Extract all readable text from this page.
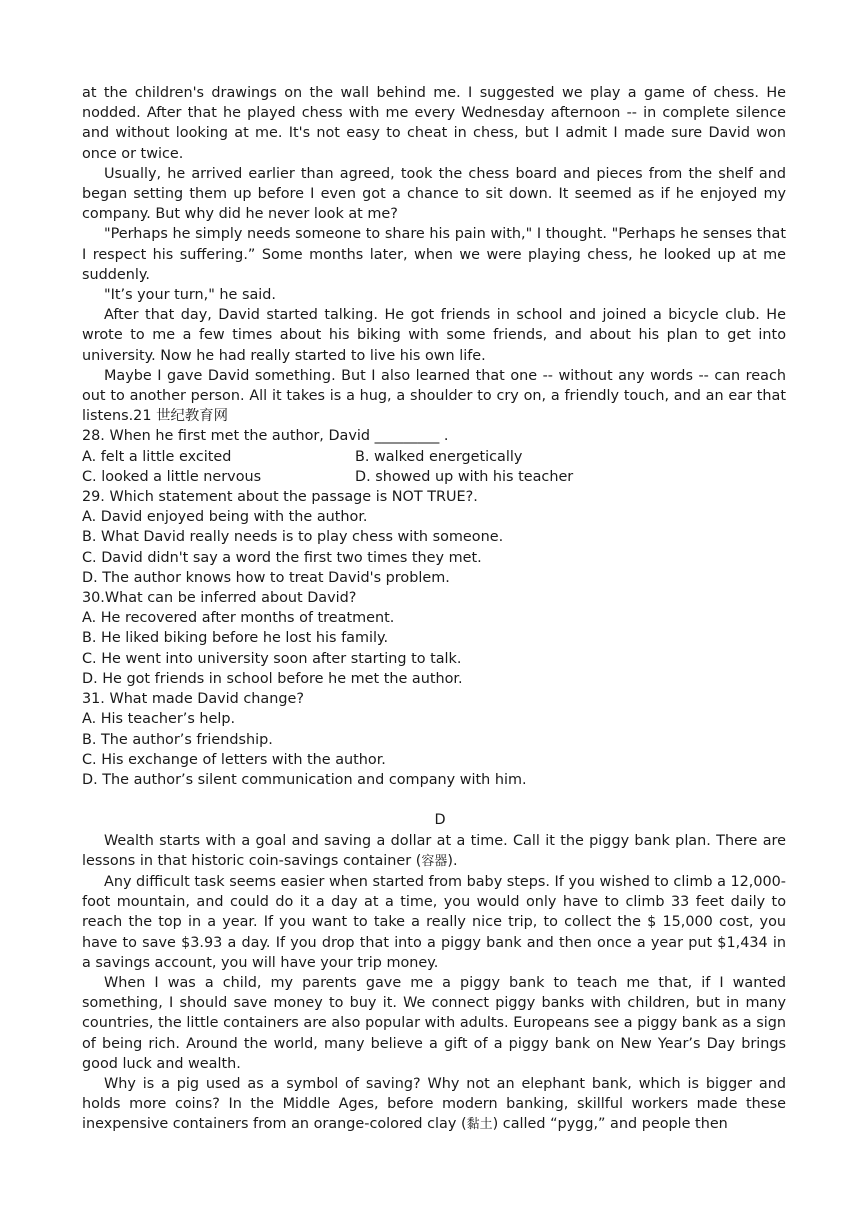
at the children's drawings on the wall behind me. I suggested we play a game of chess. He nodded. After that he played chess with me every Wednesday afternoon -- in complete silence and without looking at me. It's not easy to cheat in chess, but I admit I made sure David won once or twice.

Usually, he arrived earlier than agreed, took the chess board and pieces from the shelf and began setting them up before I even got a chance to sit down. It seemed as if he enjoyed my company. But why did he never look at me?

"Perhaps he simply needs someone to share his pain with," I thought. "Perhaps he senses that I respect his suffering.” Some months later, when we were playing chess, he looked up at me suddenly.

"It’s your turn," he said.

After that day, David started talking. He got friends in school and joined a bicycle club. He wrote to me a few times about his biking with some friends, and about his plan to get into university. Now he had really started to live his own life.

Maybe I gave David something. But I also learned that one -- without any words -- can reach out to another person. All it takes is a hug, a shoulder to cry on, a friendly touch, and an ear that listens.21 世纪教育网

28. When he first met the author, David _________ .

A. felt a little excited	B. walked energetically
C. looked a little nervous	D. showed up with his teacher

29. Which statement about the passage is NOT TRUE?.

A. David enjoyed being with the author.

B. What David really needs is to play chess with someone.

C. David didn't say a word the first two times they met.

D. The author knows how to treat David's problem.

30.What can be inferred about David?

A. He recovered after months of treatment.

B. He liked biking before he lost his family.

C. He went into university soon after starting to talk.

D. He got friends in school before he met the author.

31. What made David change?

A. His teacher’s help.

B. The author’s friendship.

C. His exchange of letters with the author.

D. The author’s silent communication and company with him.

D

Wealth starts with a goal and saving a dollar at a time. Call it the piggy bank plan. There are lessons in that historic coin-savings container (容器).

Any difficult task seems easier when started from baby steps. If you wished to climb a 12,000-foot mountain, and could do it a day at a time, you would only have to climb 33 feet daily to reach the top in a year. If you want to take a really nice trip, to collect the $ 15,000 cost, you have to save $3.93 a day. If you drop that into a piggy bank and then once a year put $1,434 in a savings account, you will have your trip money.

When I was a child, my parents gave me a piggy bank to teach me that, if I wanted something, I should save money to buy it. We connect piggy banks with children, but in many countries, the little containers are also popular with adults. Europeans see a piggy bank as a sign of being rich. Around the world, many believe a gift of a piggy bank on New Year’s Day brings good luck and wealth.

Why is a pig used as a symbol of saving? Why not an elephant bank, which is bigger and holds more coins? In the Middle Ages, before modern banking, skillful workers made these inexpensive containers from an orange-colored clay (黏土) called “pygg,” and people then
